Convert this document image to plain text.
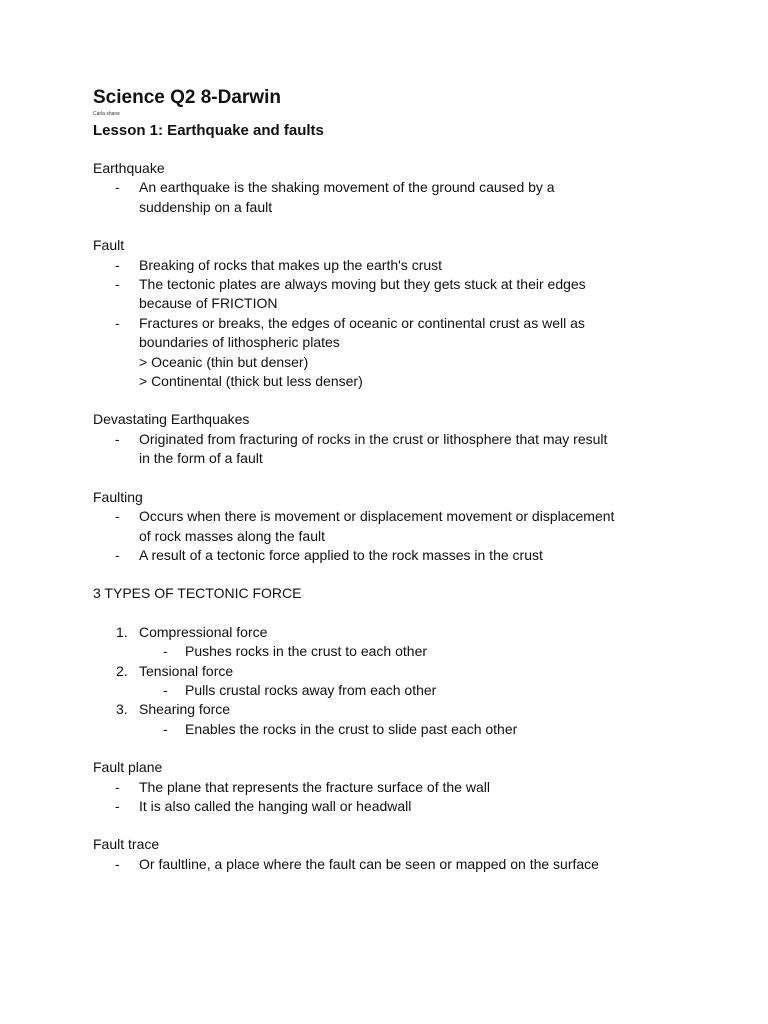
Science Q2 8-Darwin
Carla shane
Lesson 1: Earthquake and faults
Earthquake
- An earthquake is the shaking movement of the ground caused by a
suddenship on a fault
Fault
- Breaking of rocks that makes up the earth's crust
- The tectonic plates are always moving but they gets stuck at their edges
because of FRICTION
- Fractures or breaks, the edges of oceanic or continental crust as well as
boundaries of lithospheric plates
> Oceanic (thin but denser)
> Continental (thick but less denser)
Devastating Earthquakes
- Originated from fracturing of rocks in the crust or lithosphere that may result
in the form of a fault
Faulting
- Occurs when there is movement or displacement movement or displacement
of rock masses along the fault
- A result of a tectonic force applied to the rock masses in the crust
3 TYPES OF TECTONIC FORCE
1. Compressional force
- Pushes rocks in the crust to each other
2. Tensional force
- Pulls crustal rocks away from each other
3. Shearing force
- Enables the rocks in the crust to slide past each other
Fault plane
- The plane that represents the fracture surface of the wall
- It is also called the hanging wall or headwall
Fault trace
- Or faultline, a place where the fault can be seen or mapped on the surface
